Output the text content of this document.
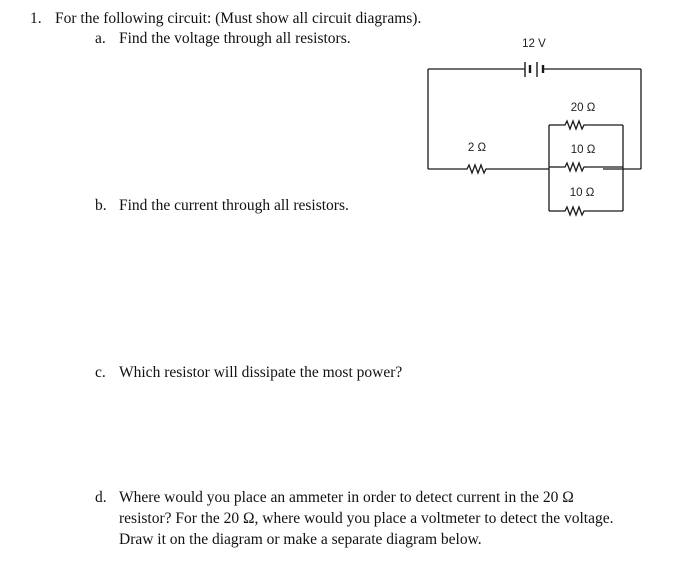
1. For the following circuit: (Must show all circuit diagrams).
a. Find the voltage through all resistors.
b. Find the current through all resistors.
c. Which resistor will dissipate the most power?
d. Where would you place an ammeter in order to detect current in the 20 Ω
resistor? For the 20 Ω, where would you place a voltmeter to detect the voltage.
Draw it on the diagram or make a separate diagram below.
12 V
2 Ω
20 Ω
10 Ω
10 Ω
